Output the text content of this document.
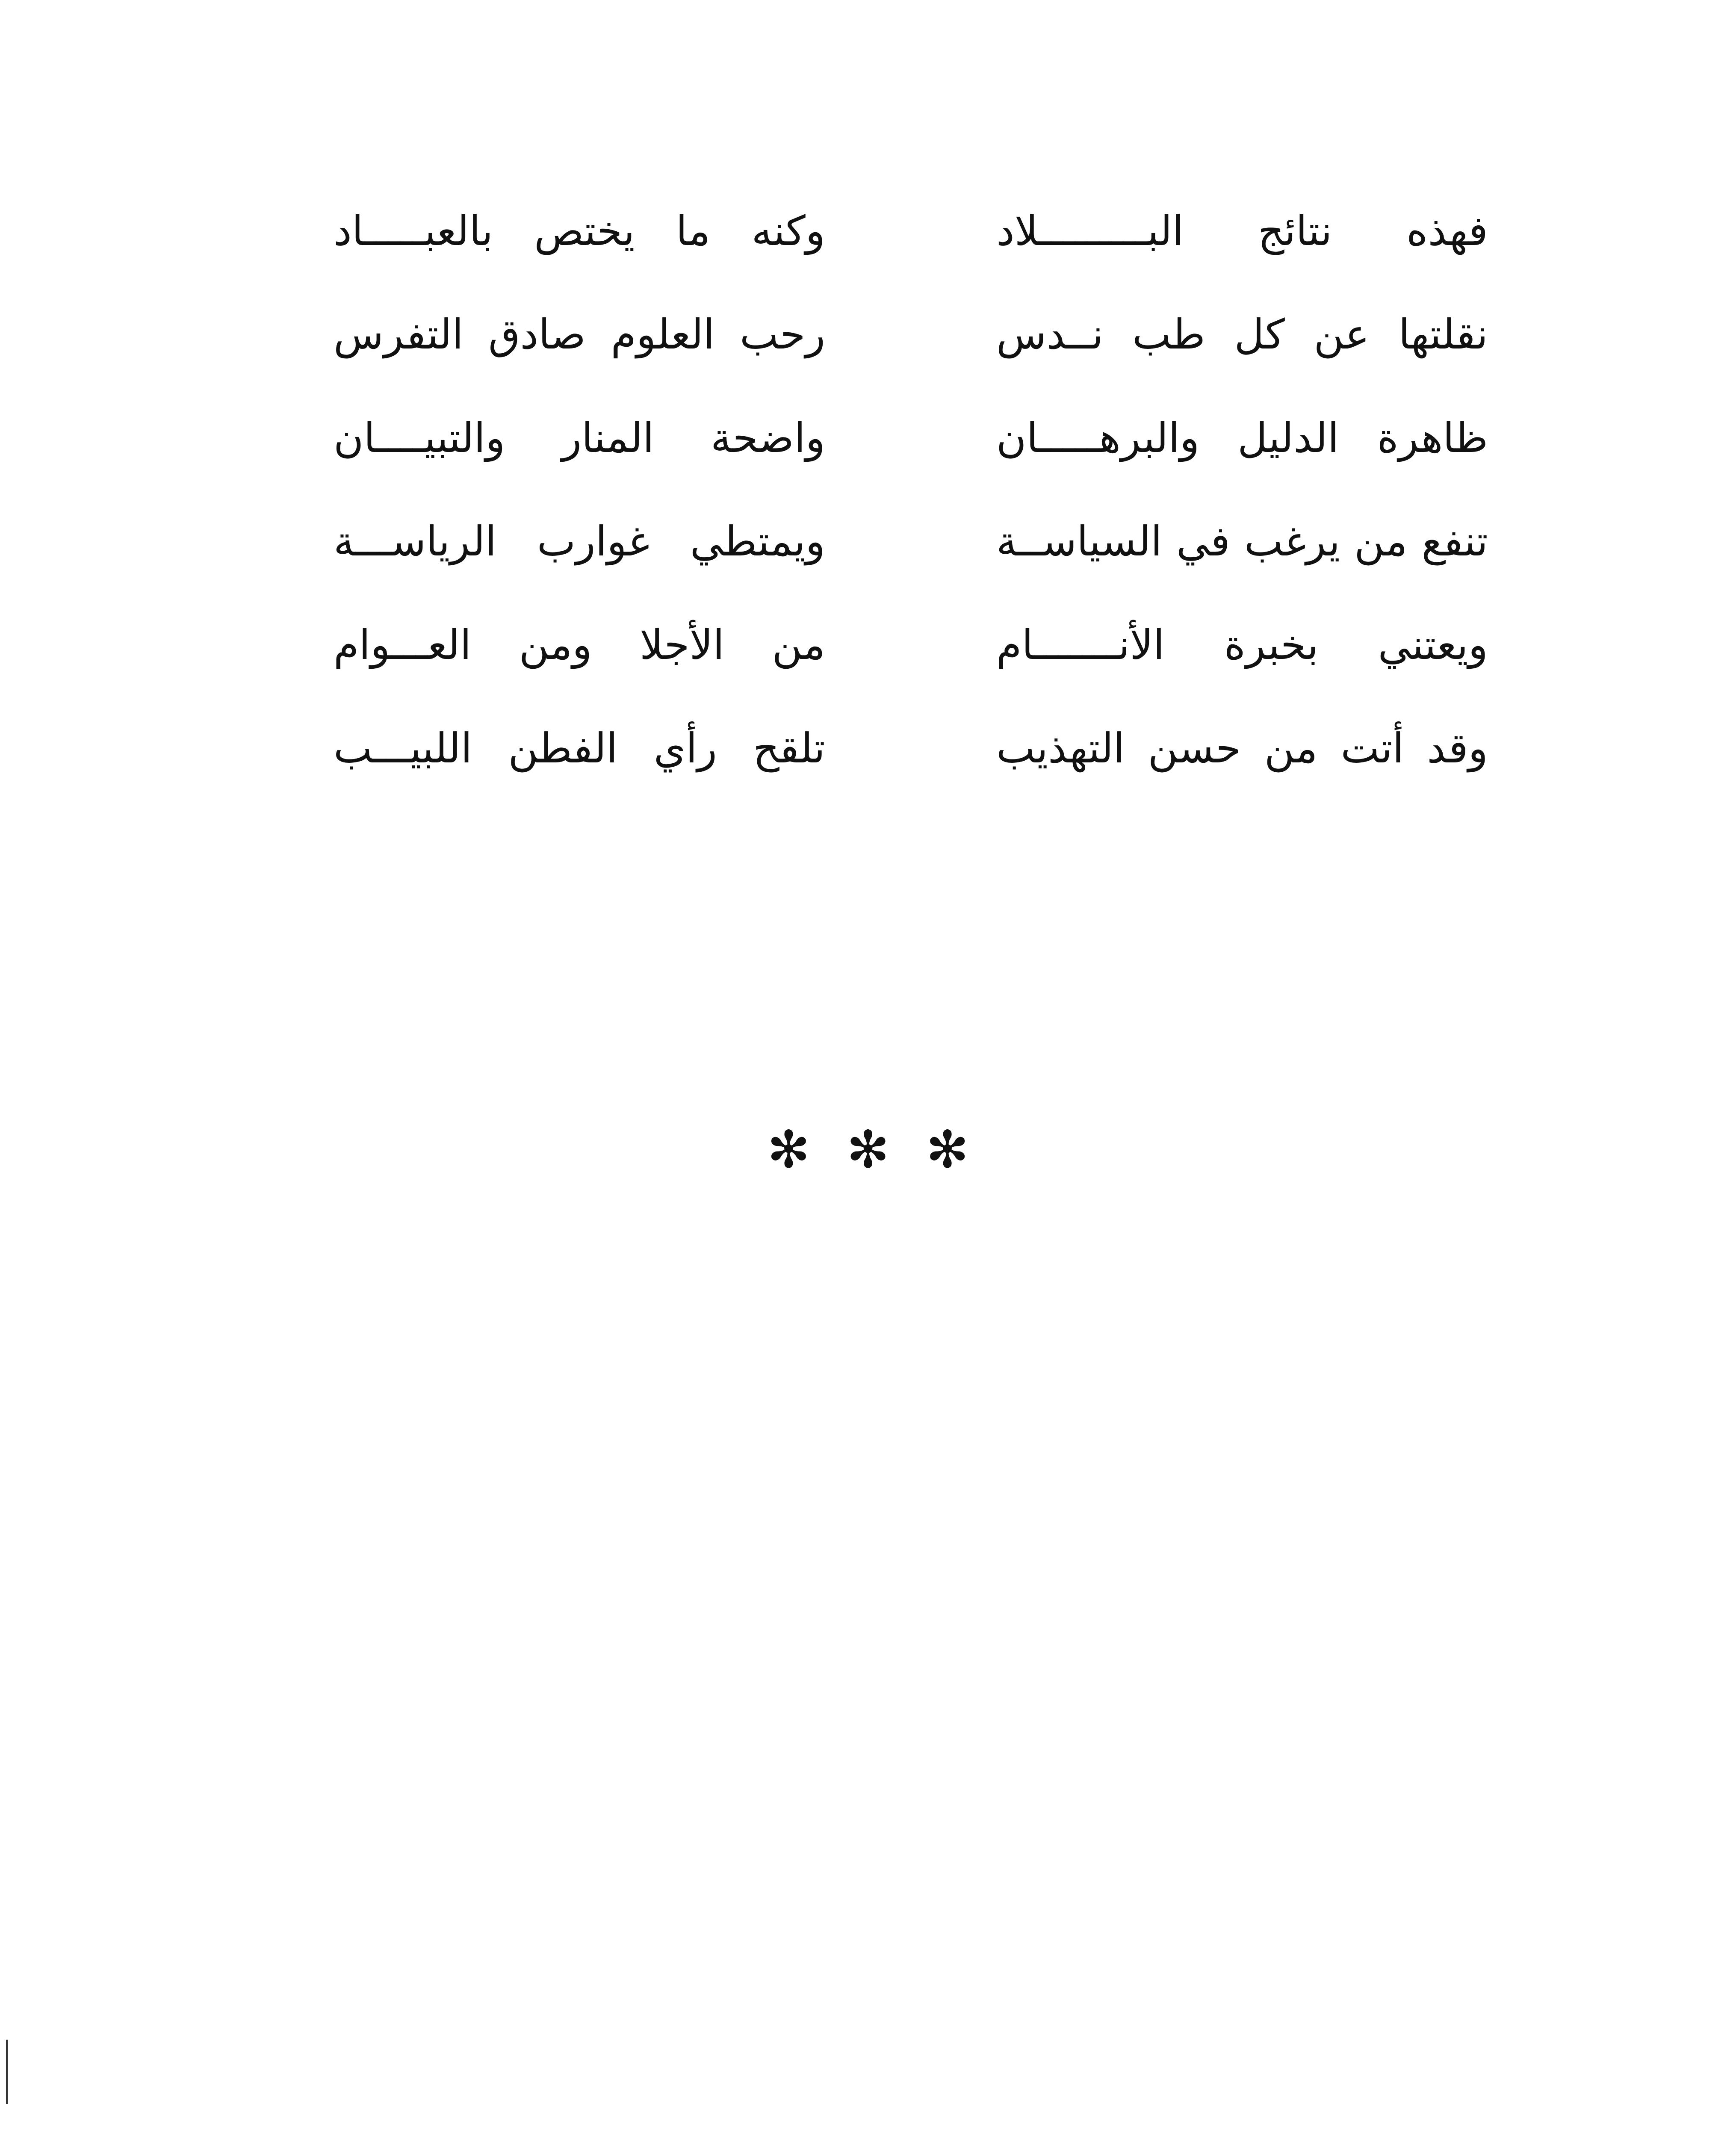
فهذه نتائج البـــــــــلاد
وكنه ما يختص بالعبـــــاد
نقلتها عن كل طب نــدس
رحب العلوم صادق التفرس
ظاهرة الدليل والبرهـــــان
واضحة المنار والتبيــــان
تنفع من يرغب في السياســة
ويمتطي غوارب الرياســـة
ويعتني بخبرة الأنـــــــام
من الأجلا ومن العـــوام
وقد أتت من حسن التهذيب
تلقح رأي الفطن اللبيـــب
✻ ✻ ✻
